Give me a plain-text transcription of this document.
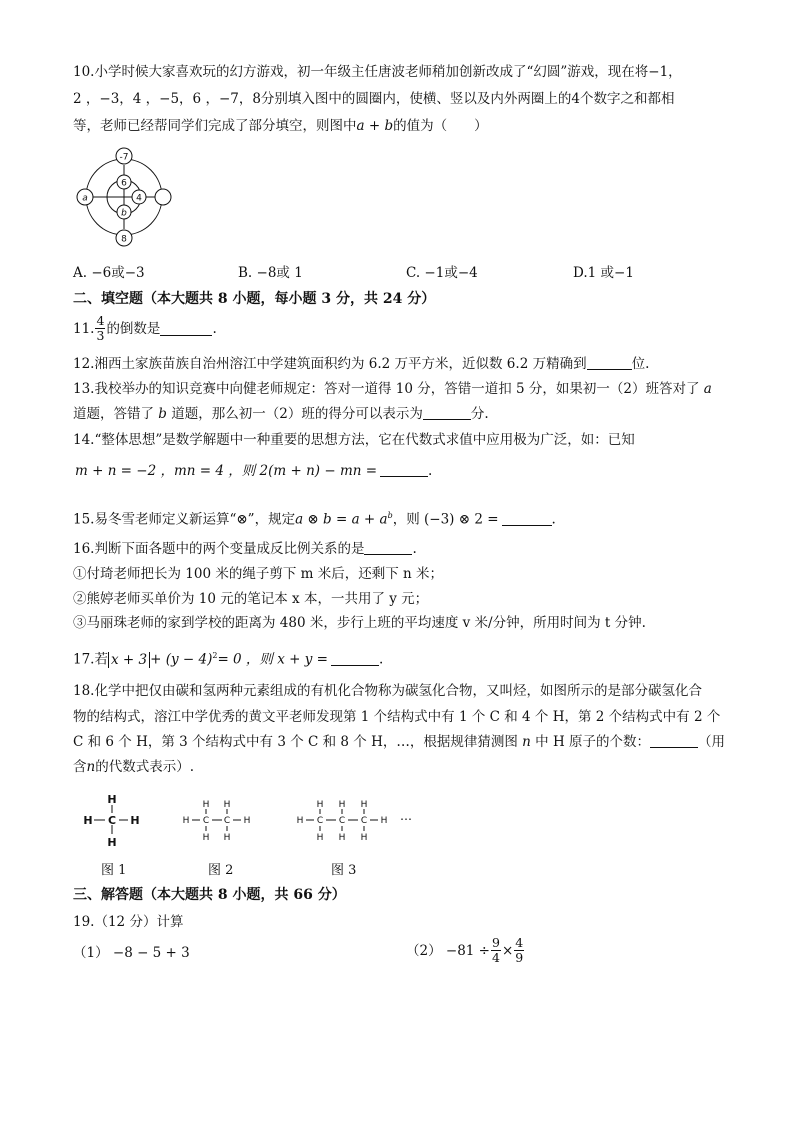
10.小学时候大家喜欢玩的幻方游戏，初一年级主任唐波老师稍加创新改成了“幻圆”游戏，现在将−1，
2 ，−3，4 ，−5，6 ，−7，8分别填入图中的圆圈内，使横、竖以及内外两圈上的4个数字之和都相
等，老师已经帮同学们完成了部分填空，则图中a + b的值为（　　）
-7
6
4
b
a
8
A. −6或−3	B. −8或 1	C. −1或−4	D.1 或−1
二、填空题（本大题共 8 小题，每小题 3 分，共 24 分）
11. $\frac{4}{3}$ 的倒数是	.
12.湘西土家族苗族自治州溶江中学建筑面积约为 6.2 万平方米，近似数 6.2 万精确到	位.
13.我校举办的知识竞赛中向健老师规定：答对一道得 10 分，答错一道扣 5 分，如果初一（2）班答对了 a
道题，答错了 b 道题，那么初一（2）班的得分可以表示为	分.
14.“整体思想”是数学解题中一种重要的思想方法，它在代数式求值中应用极为广泛，如：已知
m + n = −2 ，mn = 4 ，则 2(m + n) − mn =	.
15.易冬雪老师定义新运算“⊗”，规定a ⊗ $b = a + a^b$，则 (−3) ⊗ 2 =	.
16.判断下面各题中的两个变量成反比例关系的是	.
①付琦老师把长为 100 米的绳子剪下 m 米后，还剩下 n 米；
②熊婷老师买单价为 10 元的笔记本 x 本，一共用了 y 元；
③马丽珠老师的家到学校的距离为 480 米，步行上班的平均速度 v 米/分钟，所用时间为 t 分钟.
17.若 $x + 3 + (y - 4)^2= 0$ ，则 x + y =	.
18.化学中把仅由碳和氢两种元素组成的有机化合物称为碳氢化合物，又叫烃，如图所示的是部分碳氢化合
物的结构式，溶江中学优秀的黄文平老师发现第 1 个结构式中有 1 个 C 和 4 个 H，第 2 个结构式中有 2 个
C 和 6 个 H，第 3 个结构式中有 3 个 C 和 8 个 H，…，根据规律猜测图 n 中 H 原子的个数：	（用
含n的代数式表示）.
H
H C H
H
H H
H C C H
H H
H H H
H C C C H
H H H
…
图 1	图 2	图 3
三、解答题（本大题共 8 小题，共 66 分）
19.（12 分）计算
（1） −8 − 5 + 3	$(2) -81 \div \frac{9}{4} \times \frac{4}{9}$
